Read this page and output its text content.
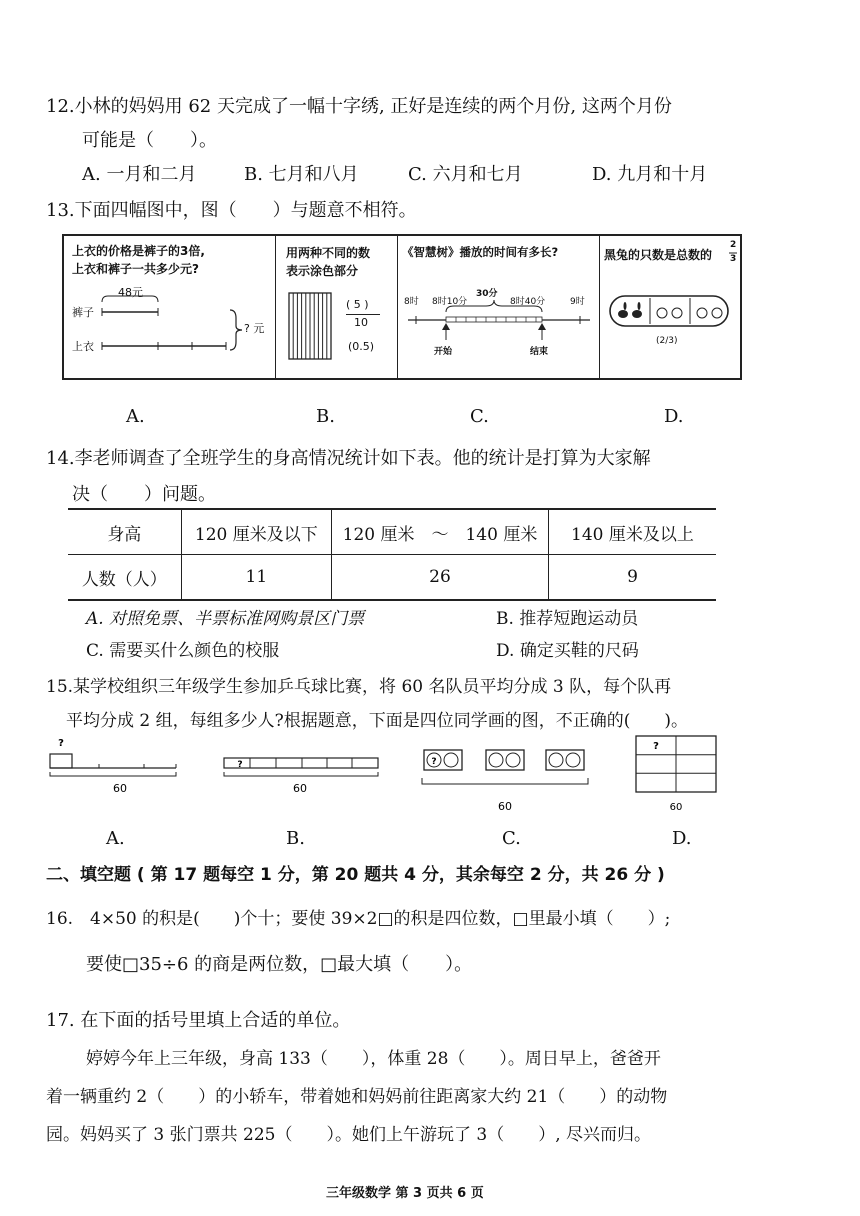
12.小林的妈妈用 62 天完成了一幅十字绣, 正好是连续的两个月份, 这两个月份
可能是（　　）。
A. 一月和二月	B. 七月和八月	C. 六月和七月	D. 九月和十月
13.下面四幅图中，图（　　）与题意不相符。
上衣的价格是裤子的3倍,
上衣和裤子一共多少元?
48元
裤子
上衣
? 元
用两种不同的数
表示涂色部分
( 5 )
10
(0.5)
《智慧树》播放的时间有多长?
8时 8时10分
30分
8时40分	9时
开始	结束
黑兔的只数是总数的
2
3
(2/3)
A.	B.	C.	D.
14.李老师调查了全班学生的身高情况统计如下表。他的统计是打算为大家解
决（　　）问题。
身高	120 厘米及以下	120 厘米　～　140 厘米	140 厘米及以上
人数（人）	11	26	9
A. 对照免票、半票标准网购景区门票	B. 推荐短跑运动员
C. 需要买什么颜色的校服	D. 确定买鞋的尺码
15.某学校组织三年级学生参加乒乓球比赛，将 60 名队员平均分成 3 队，每个队再
平均分成 2 组，每组多少人?根据题意，下面是四位同学画的图，不正确的(　　)。
?
60
?
60
?
60
?
60
A.	B.	C.	D.
二、填空题 ( 第 17 题每空 1 分，第 20 题共 4 分，其余每空 2 分，共 26 分 )
16.　4×50 的积是(　　)个十；要使 39×2□的积是四位数，□里最小填（　　）;
要使□35÷6 的商是两位数，□最大填（　　）。
17. 在下面的括号里填上合适的单位。
婷婷今年上三年级，身高 133（　　），体重 28（　　）。周日早上，爸爸开
着一辆重约 2（　　）的小轿车，带着她和妈妈前往距离家大约 21（　　）的动物
园。妈妈买了 3 张门票共 225（　　）。她们上午游玩了 3（　　）, 尽兴而归。
三年级数学 第 3 页共 6 页
